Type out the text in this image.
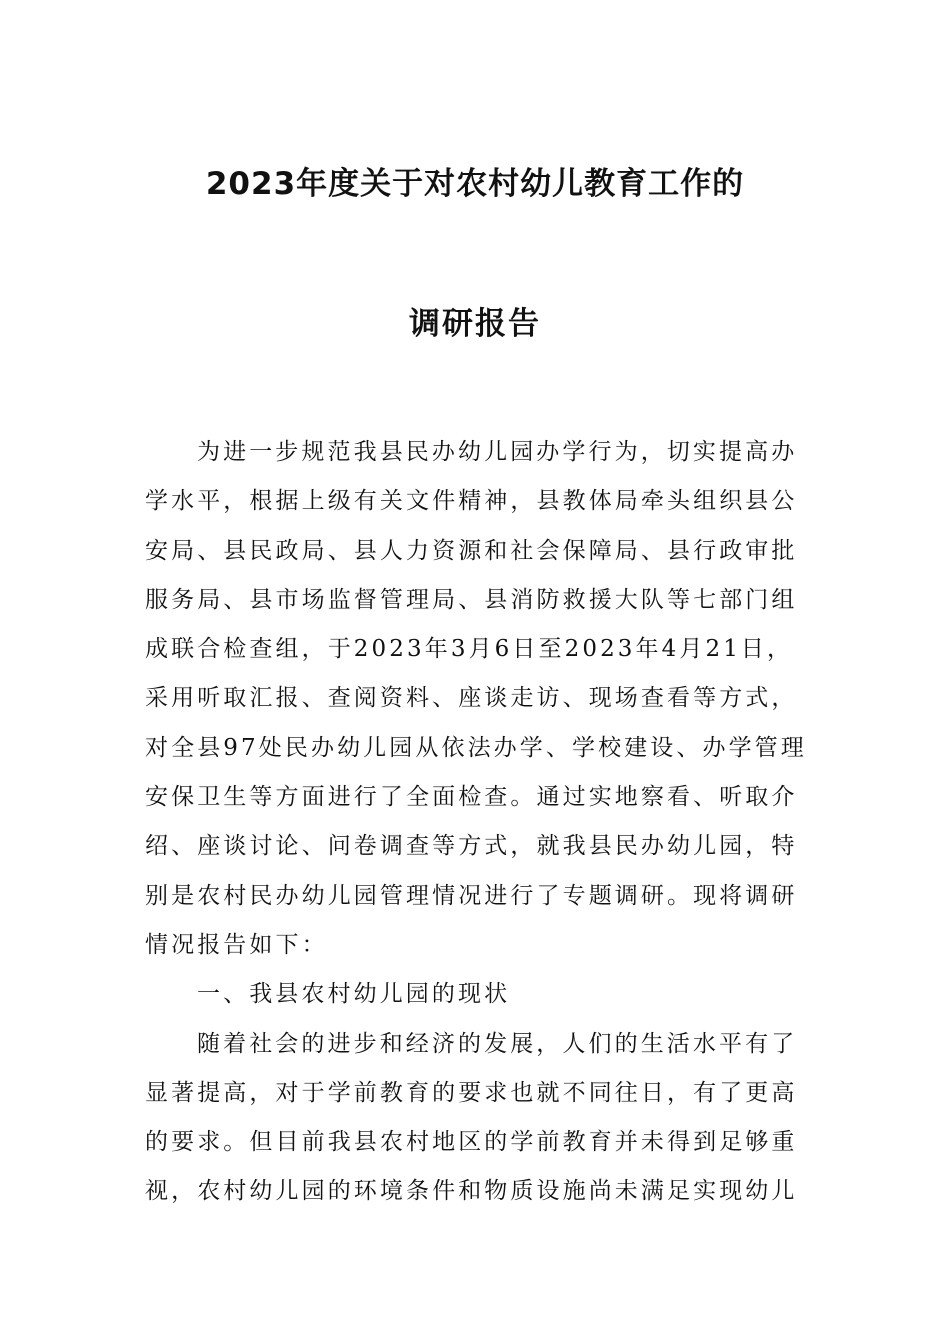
2023年度关于对农村幼儿教育工作的
调研报告
为进一步规范我县民办幼儿园办学行为，切实提高办
学水平，根据上级有关文件精神，县教体局牵头组织县公
安局、县民政局、县人力资源和社会保障局、县行政审批
服务局、县市场监督管理局、县消防救援大队等七部门组
成联合检查组，于2023年3月6日至2023年4月21日，
采用听取汇报、查阅资料、座谈走访、现场查看等方式，
对全县97处民办幼儿园从依法办学、学校建设、办学管理
安保卫生等方面进行了全面检查。通过实地察看、听取介
绍、座谈讨论、问卷调查等方式，就我县民办幼儿园，特
别是农村民办幼儿园管理情况进行了专题调研。现将调研
情况报告如下：
一、我县农村幼儿园的现状
随着社会的进步和经济的发展，人们的生活水平有了
显著提高，对于学前教育的要求也就不同往日，有了更高
的要求。但目前我县农村地区的学前教育并未得到足够重
视，农村幼儿园的环境条件和物质设施尚未满足实现幼儿
